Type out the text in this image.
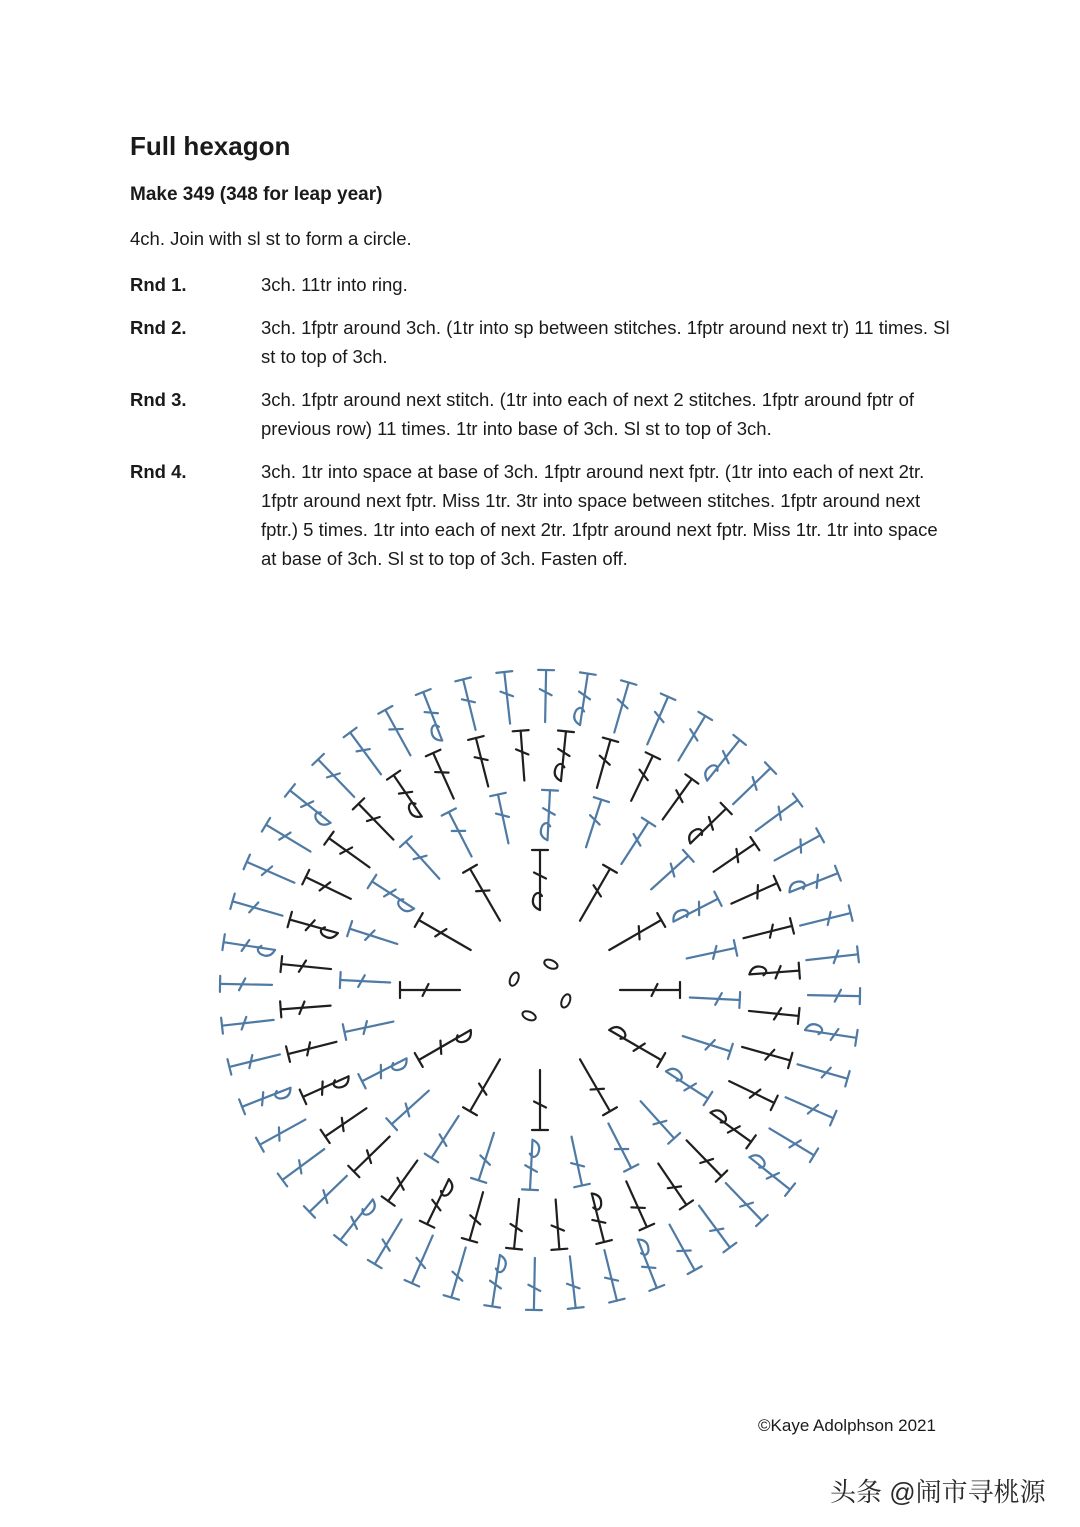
Full hexagon
Make 349 (348 for leap year)
4ch. Join with sl st to form a circle.
Rnd 1.	3ch. 11tr into ring.
Rnd 2.	3ch. 1fptr around 3ch. (1tr into sp between stitches. 1fptr around next tr) 11 times. Sl st to top of 3ch.
Rnd 3.	3ch. 1fptr around next stitch. (1tr into each of next 2 stitches. 1fptr around fptr of previous row) 11 times. 1tr into base of 3ch. Sl st to top of 3ch.
Rnd 4.	3ch. 1tr into space at base of 3ch. 1fptr around next fptr. (1tr into each of next 2tr. 1fptr around next fptr. Miss 1tr. 3tr into space between stitches. 1fptr around next fptr.) 5 times. 1tr into each of next 2tr. 1fptr around next fptr. Miss 1tr. 1tr into space at base of 3ch. Sl st to top of 3ch. Fasten off.
©Kaye Adolphson 2021
头条 @闹市寻桃源
